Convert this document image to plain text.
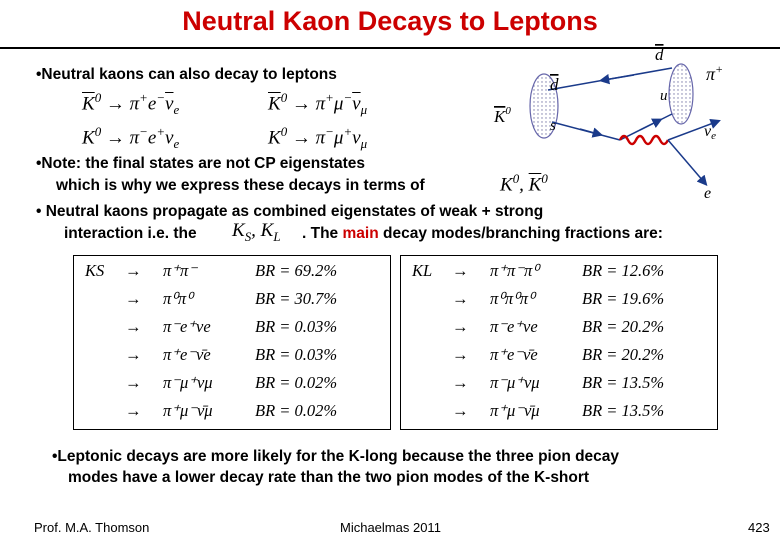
Neutral Kaon Decays to Leptons
•Neutral kaons can also decay to leptons
$\overline{K}^0 \to \pi^+e^-\overline{\nu}_e$	$\overline{K}^0 \to \pi^+\mu^-\overline{\nu}_\mu$
$K^0 \to \pi^-e^+\nu_e$	$K^0 \to \pi^-\mu^+\nu_\mu$
•Note: the final states are not CP eigenstates
which is why we express these decays in terms of	$K^0$, $\overline{K}^0$
• Neutral kaons propagate as combined eigenstates of weak + strong
interaction i.e. the $K_S$, $K_L$ . The main decay modes/branching fractions are:
d
π+
d
u
$K^0$
s	νe
e
KS → π⁺π⁻	BR = 69.2%
→ π⁰π⁰	BR = 30.7%
→ π⁻e⁺νe	BR = 0.03%
→ π⁺e⁻ν̄e	BR = 0.03%
→ π⁻μ⁺νμ	BR = 0.02%
→ π⁺μ⁻ν̄μ	BR = 0.02%
KL → π⁺π⁻π⁰	BR = 12.6%
→ π⁰π⁰π⁰	BR = 19.6%
→ π⁻e⁺νe	BR = 20.2%
→ π⁺e⁻ν̄e	BR = 20.2%
→ π⁻μ⁺νμ	BR = 13.5%
→ π⁺μ⁻ν̄μ	BR = 13.5%
•Leptonic decays are more likely for the K-long because the three pion decay
modes have a lower decay rate than the two pion modes of the K-short
Prof. M.A. Thomson	Michaelmas 2011	423
